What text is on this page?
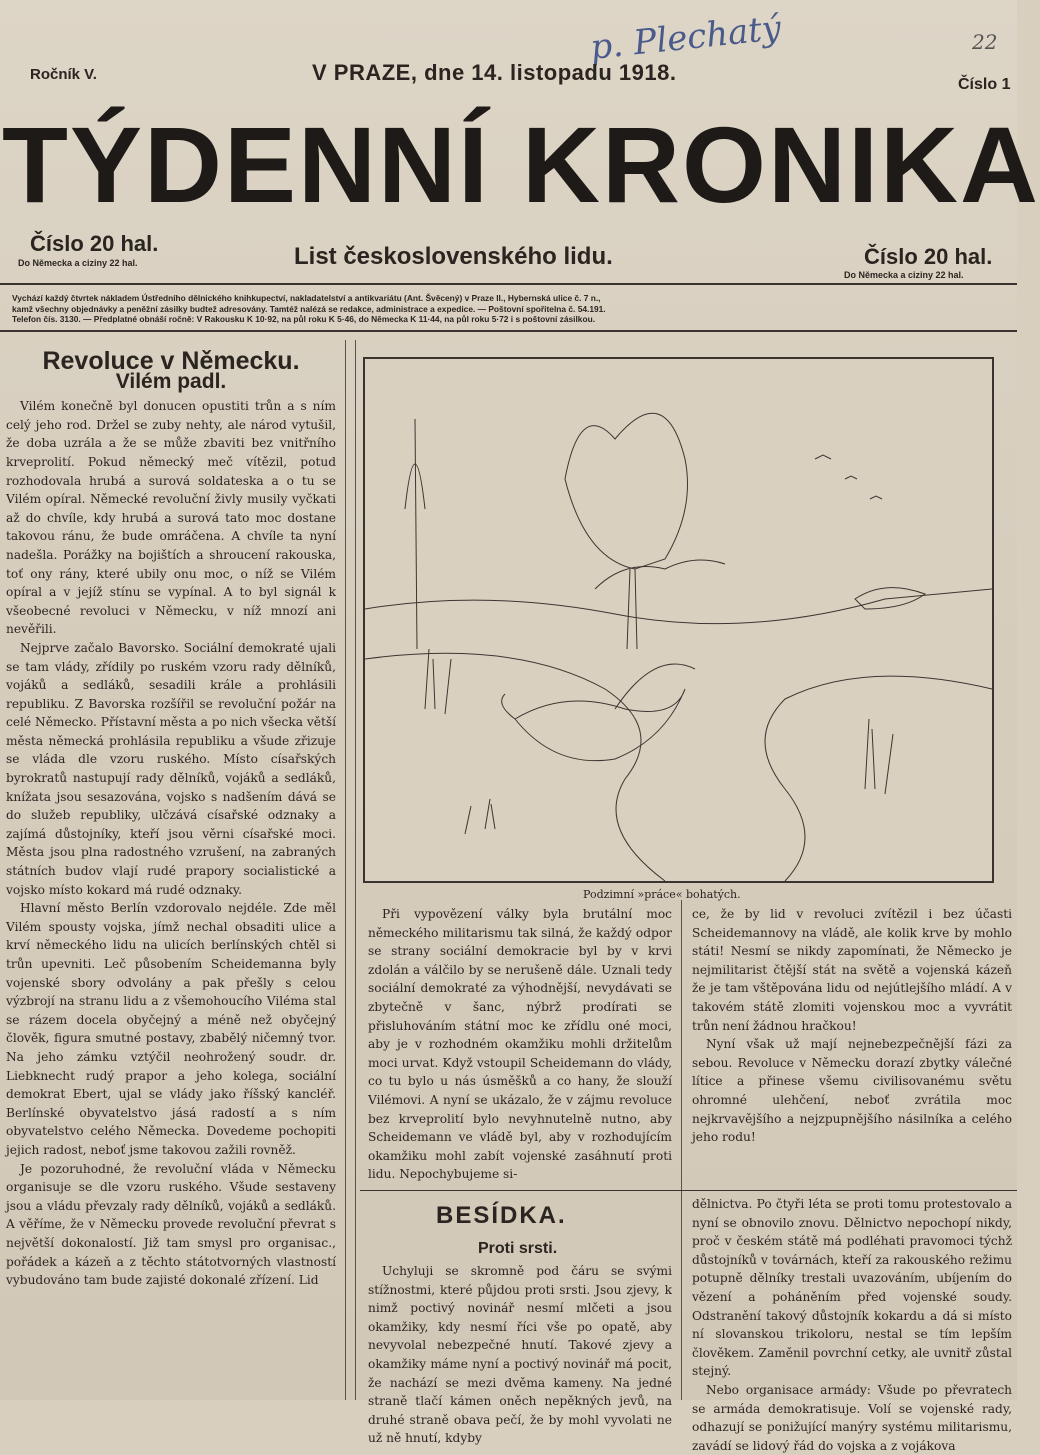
p. Plechatý	22
Ročník V.	V PRAZE, dne 14. listopadu 1918.	Číslo 1
TÝDENNÍ KRONIKA
Číslo 20 hal.
Do Německa a ciziny 22 hal.	List československého lidu.	Číslo 20 hal.
Do Německa a ciziny 22 hal.
Vychází každý čtvrtek nákladem Ústředního dělnického knihkupectví, nakladatelství a antikvariátu (Ant. Švěcený) v Praze II., Hybernská ulice č. 7 n.,
kamž všechny objednávky a peněžní zásilky budtež adresovány. Tamtéž nalézá se redakce, administrace a expedice. — Poštovní spořitelna č. 54.191.
Telefon čís. 3130. — Předplatné obnáší ročně: V Rakousku K 10·92, na půl roku K 5·46, do Německa K 11·44, na půl roku 5·72 i s poštovní zásilkou.
Revoluce v Německu.
Vilém padl.

Vilém konečně byl donucen opustiti trůn a s ním celý jeho rod. Držel se zuby nehty, ale národ vytušil, že doba uzrála a že se může zbaviti bez vnitřního krveprolití. Pokud německý meč vítězil, potud rozhodovala hrubá a surová soldateska a o tu se Vilém opíral. Německé revoluční živly musily vyčkati až do chvíle, kdy hrubá a surová tato moc dostane takovou ránu, že bude omráčena. A chvíle ta nyní nadešla. Porážky na bojištích a shroucení rakouska, toť ony rány, které ubily onu moc, o níž se Vilém opíral a v jejíž stínu se vypínal. A to byl signál k všeobecné revoluci v Německu, v níž mnozí ani nevěřili.

Nejprve začalo Bavorsko. Sociální demokraté ujali se tam vlády, zřídily po ruském vzoru rady dělníků, vojáků a sedláků, sesadili krále a prohlásili republiku. Z Bavorska rozšířil se revoluční požár na celé Německo. Přístavní města a po nich všecka větší města německá prohlásila republiku a všude zřizuje se vláda dle vzoru ruského. Místo císařských byrokratů nastupují rady dělníků, vojáků a sedláků, knížata jsou sesazována, vojsko s nadšením dává se do služeb republiky, ulčzává císařské odznaky a zajímá důstojníky, kteří jsou věrni císařské moci. Města jsou plna radostného vzrušení, na zabraných státních budov vlají rudé prapory socialistické a vojsko místo kokard má rudé odznaky.

Hlavní město Berlín vzdorovalo nejdéle. Zde měl Vilém spousty vojska, jímž nechal obsaditi ulice a krví německého lidu na ulicích berlínských chtěl si trůn upevniti. Leč působením Scheidemanna byly vojenské sbory odvolány a pak přešly s celou výzbrojí na stranu lidu a z všemohoucího Viléma stal se rázem docela obyčejný a méně než obyčejný člověk, figura smutné postavy, zbabělý ničemný tvor. Na jeho zámku vztýčil neohrožený soudr. dr. Liebknecht rudý prapor a jeho kolega, sociální demokrat Ebert, ujal se vlády jako říšský kancléř. Berlínské obyvatelstvo jásá radostí a s ním obyvatelstvo celého Německa. Dovedeme pochopiti jejich radost, neboť jsme takovou zažili rovněž.

Je pozoruhodné, že revoluční vláda v Německu organisuje se dle vzoru ruského. Všude sestaveny jsou a vládu převzaly rady dělníků, vojáků a sedláků. A věříme, že v Německu provede revoluční převrat s největší dokonalostí. Již tam smysl pro organisac., pořádek a kázeň a z těchto státotvorných vlastností vybudováno tam bude zajisté dokonalé zřízení. Lid

Podzimní »práce« bohatých.

Při vypovězení války byla brutální moc německého militarismu tak silná, že každý odpor se strany sociální demokracie byl by v krvi zdolán a válčilo by se nerušeně dále. Uznali tedy sociální demokraté za výhodnější, nevydávati se zbytečně v šanc, nýbrž prodírati se přisluhováním státní moc ke zřídlu oné moci, aby je v rozhodném okamžiku mohli držitelům moci urvat. Když vstoupil Scheidemann do vlády, co tu bylo u nás úsměšků a co hany, že slouží Vilémovi. A nyní se ukázalo, že v zájmu revoluce bez krveprolití bylo nevyhnutelně nutno, aby Scheidemann ve vládě byl, aby v rozhodujícím okamžiku mohl zabít vojenské zasáhnutí proti lidu. Nepochybujeme si-

ce, že by lid v revoluci zvítězil i bez účasti Scheidemannovy na vládě, ale kolik krve by mohlo státi! Nesmí se nikdy zapomínati, že Německo je nejmilitarist čtější stát na světě a vojenská kázeň že je tam vštěpována lidu od nejútlejšího mládí. A v takovém státě zlomiti vojenskou moc a vyvrátit trůn není žádnou hračkou!

Nyní však už mají nejnebezpečnější fázi za sebou. Revoluce v Německu dorazí zbytky válečné lítice a přinese všemu civilisovanému světu ohromné ulehčení, neboť zvrátila moc nejkrvavějšího a nejzpupnějšího násilníka a celého jeho rodu!

BESÍDKA.
Proti srsti.

Uchyluji se skromně pod čáru se svými stížnostmi, které půjdou proti srsti. Jsou zjevy, k nimž poctivý novinář nesmí mlčeti a jsou okamžiky, kdy nesmí říci vše po opatě, aby nevyvolal nebezpečné hnutí. Takové zjevy a okamžiky máme nyní a poctivý novinář má pocit, že nachází se mezi dvěma kameny. Na jedné straně tlačí kámen oněch nepěkných jevů, na druhé straně obava pečí, že by mohl vyvolati ne už ně hnutí, kdyby

dělnictva. Po čtyři léta se proti tomu protestovalo a nyní se obnovilo znovu. Dělnictvo nepochopí nikdy, proč v českém státě má podléhati pravomoci týchž důstojníků v továrnách, kteří za rakouského režimu potupně dělníky trestali uvazováním, ubíjením do vězení a poháněním před vojenské soudy. Odstranění takový důstojník kokardu a dá si místo ní slovanskou trikoloru, nestal se tím lepším člověkem. Zaměnil povrchní cetky, ale uvnitř zůstal stejný.

Nebo organisace armády: Všude po převratech se armáda demokratisuje. Volí se vojenské rady, odhazují se ponižující manýry systému militarismu, zavádí se lidový řád do vojska a z vojákova
